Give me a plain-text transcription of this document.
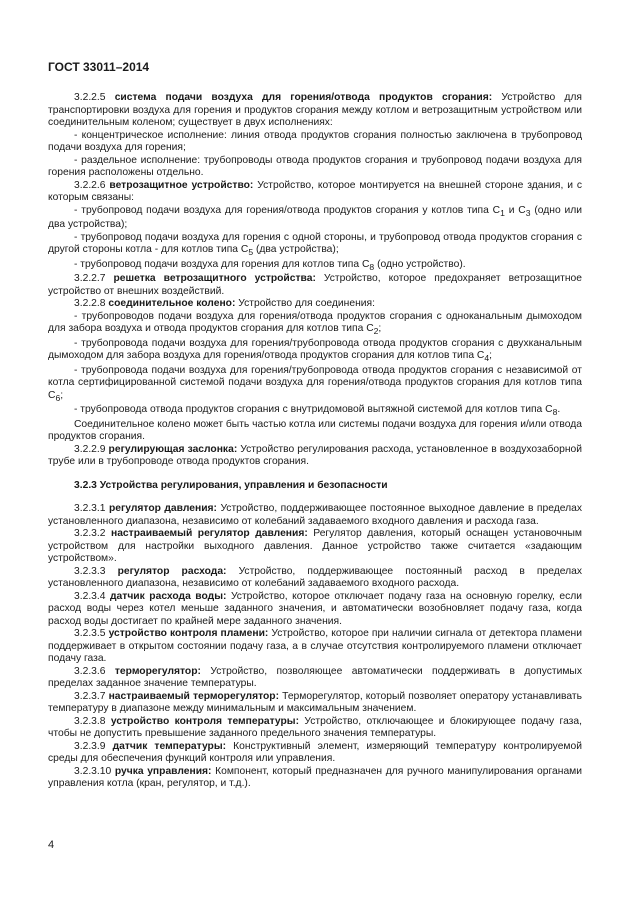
ГОСТ 33011–2014

3.2.2.5 система подачи воздуха для горения/отвода продуктов сгорания: Устройство для транспортировки воздуха для горения и продуктов сгорания между котлом и ветрозащитным устройством или соединительным коленом; существует в двух исполнениях:

- концентрическое исполнение: линия отвода продуктов сгорания полностью заключена в трубопровод подачи воздуха для горения;

- раздельное исполнение: трубопроводы отвода продуктов сгорания и трубопровод подачи воздуха для горения расположены отдельно.

3.2.2.6 ветрозащитное устройство: Устройство, которое монтируется на внешней стороне здания, и с которым связаны:

- трубопровод подачи воздуха для горения/отвода продуктов сгорания у котлов типа $С_1$ и $С_3$ (одно или два устройства);

- трубопровод подачи воздуха для горения с одной стороны, и трубопровод отвода продуктов сгорания с другой стороны котла - для котлов типа $С_5$ (два устройства);

- трубопровод подачи воздуха для горения для котлов типа $С_8$ (одно устройство).

3.2.2.7 решетка ветрозащитного устройства: Устройство, которое предохраняет ветрозащитное устройство от внешних воздействий.

3.2.2.8 соединительное колено: Устройство для соединения:

- трубопроводов подачи воздуха для горения/отвода продуктов сгорания с одноканальным дымоходом для забора воздуха и отвода продуктов сгорания для котлов типа $С_2$;

- трубопровода подачи воздуха для горения/трубопровода отвода продуктов сгорания с двухканальным дымоходом для забора воздуха для горения/отвода продуктов сгорания для котлов типа $С_4$;

- трубопровода подачи воздуха для горения/трубопровода отвода продуктов сгорания с независимой от котла сертифицированной системой подачи воздуха для горения/отвода продуктов сгорания для котлов типа $С_6$;

- трубопровода отвода продуктов сгорания с внутридомовой вытяжной системой для котлов типа $С_8$.

Соединительное колено может быть частью котла или системы подачи воздуха для горения и/или отвода продуктов сгорания.

3.2.2.9 регулирующая заслонка: Устройство регулирования расхода, установленное в воздухозаборной трубе или в трубопроводе отвода продуктов сгорания.

3.2.3 Устройства регулирования, управления и безопасности

3.2.3.1 регулятор давления: Устройство, поддерживающее постоянное выходное давление в пределах установленного диапазона, независимо от колебаний задаваемого входного давления и расхода газа.

3.2.3.2 настраиваемый регулятор давления: Регулятор давления, который оснащен установочным устройством для настройки выходного давления. Данное устройство также считается «задающим устройством».

3.2.3.3 регулятор расхода: Устройство, поддерживающее постоянный расход в пределах установленного диапазона, независимо от колебаний задаваемого входного расхода.

3.2.3.4 датчик расхода воды: Устройство, которое отключает подачу газа на основную горелку, если расход воды через котел меньше заданного значения, и автоматически возобновляет подачу газа, когда расход воды достигает по крайней мере заданного значения.

3.2.3.5 устройство контроля пламени: Устройство, которое при наличии сигнала от детектора пламени поддерживает в открытом состоянии подачу газа, а в случае отсутствия контролируемого пламени отключает подачу газа.

3.2.3.6 терморегулятор: Устройство, позволяющее автоматически поддерживать в допустимых пределах заданное значение температуры.

3.2.3.7 настраиваемый терморегулятор: Терморегулятор, который позволяет оператору устанавливать температуру в диапазоне между минимальным и максимальным значением.

3.2.3.8 устройство контроля температуры: Устройство, отключающее и блокирующее подачу газа, чтобы не допустить превышение заданного предельного значения температуры.

3.2.3.9 датчик температуры: Конструктивный элемент, измеряющий температуру контролируемой среды для обеспечения функций контроля или управления.

3.2.3.10 ручка управления: Компонент, который предназначен для ручного манипулирования органами управления котла (кран, регулятор, и т.д.).

4
